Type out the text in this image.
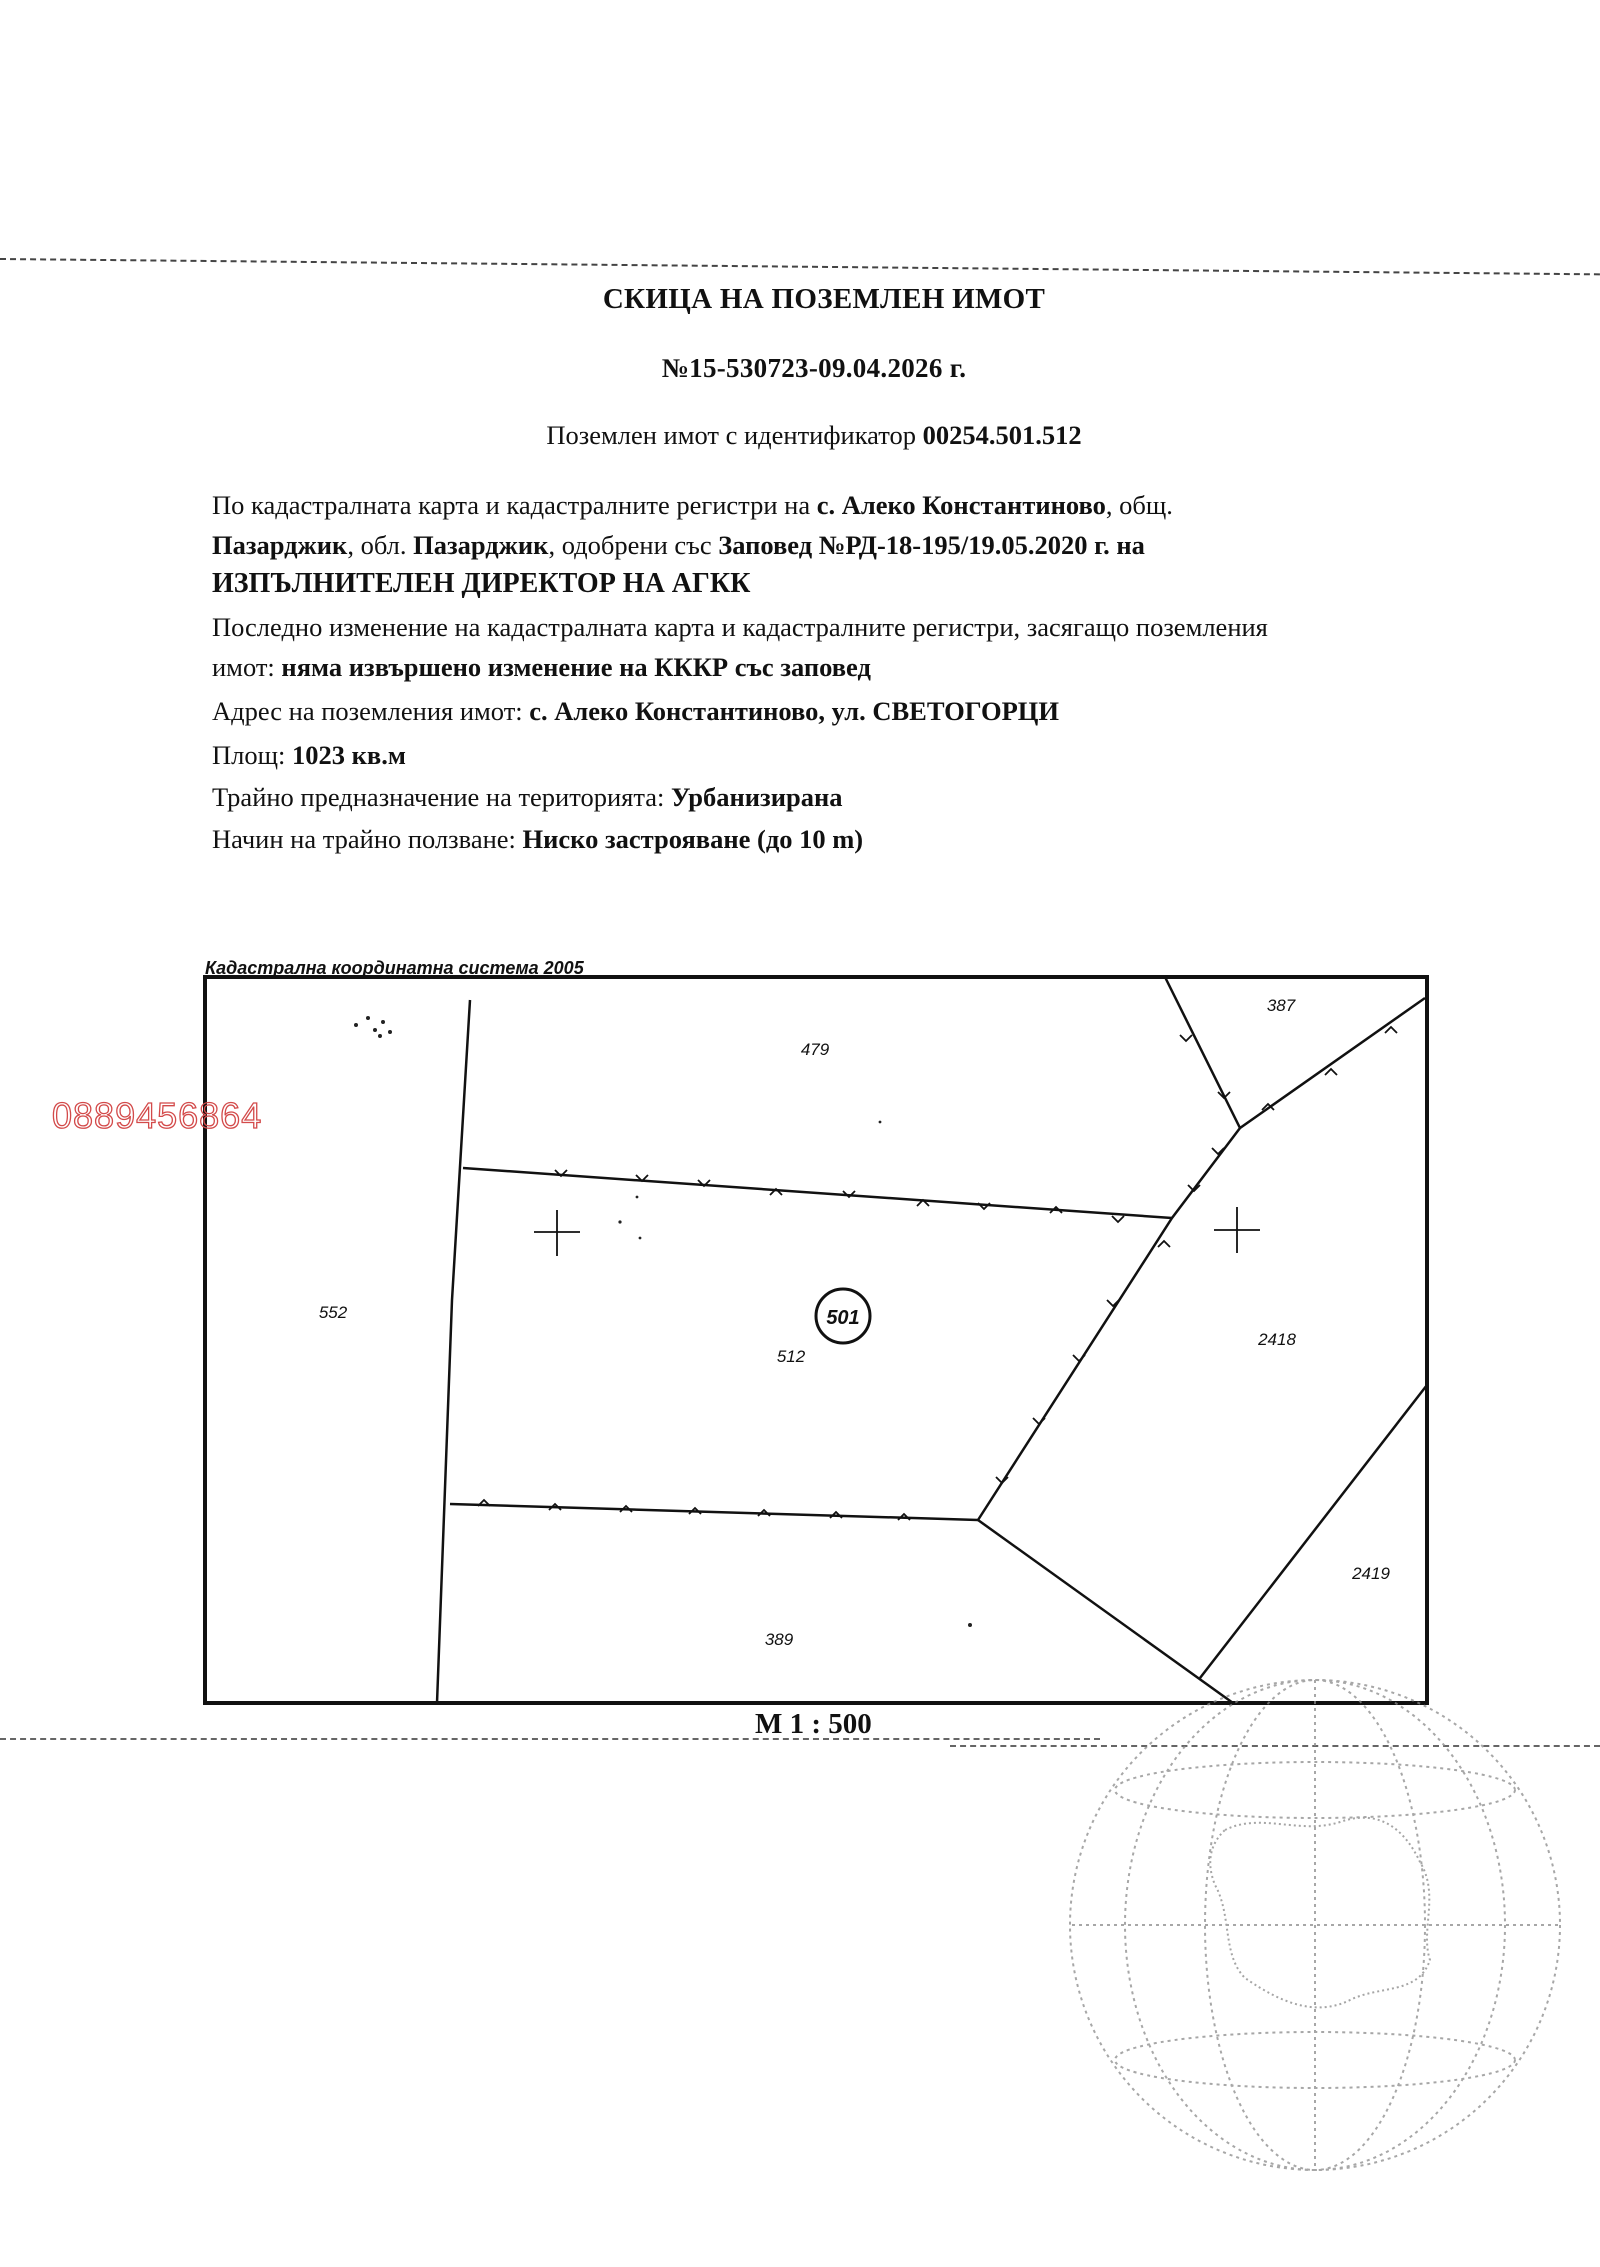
СКИЦА НА ПОЗЕМЛЕН ИМОТ
№15-530723-09.04.2026 г.
Поземлен имот с идентификатор 00254.501.512
По кадастралната карта и кадастралните регистри на с. Алеко Константиново, общ.
Пазарджик, обл. Пазарджик, одобрени със Заповед №РД-18-195/19.05.2020 г. на
ИЗПЪЛНИТЕЛЕН ДИРЕКТОР НА АГКК
Последно изменение на кадастралната карта и кадастралните регистри, засягащо поземления
имот: няма извършено изменение на КККР със заповед
Адрес на поземления имот: с. Алеко Константиново, ул. СВЕТОГОРЦИ
Площ: 1023 кв.м
Трайно предназначение на територията: Урбанизирана
Начин на трайно ползване: Ниско застрояване (до 10 m)
Кадастрална координатна система 2005
501
479
387
552
512
2418
2419
389
0889456864
М 1 : 500
